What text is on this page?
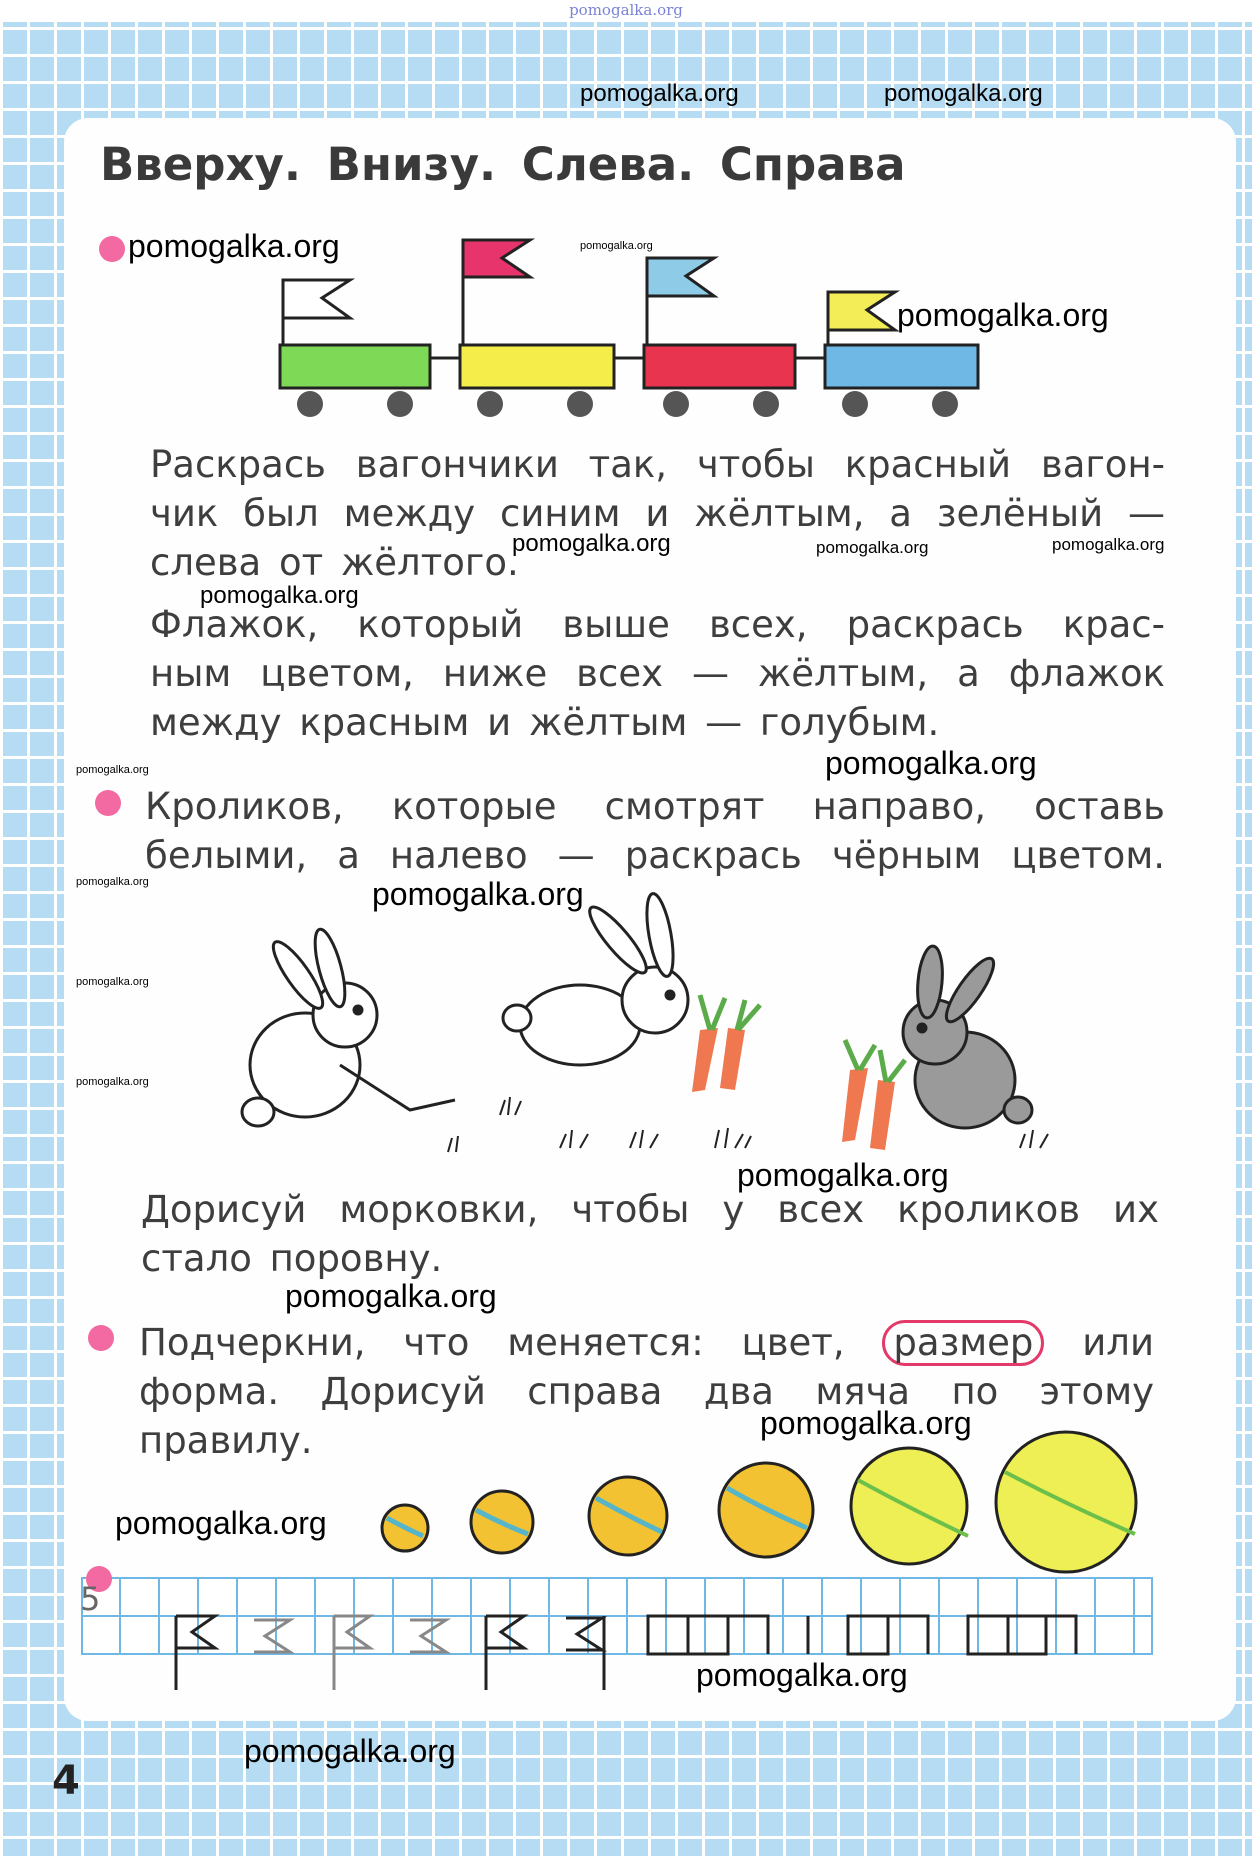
pomogalka.org
Вверху. Внизу. Слева. Справа

Раскрась вагончики так, чтобы красный вагон-
чик был между синим и жёлтым, а зелёный —
слева от жёлтого.

Флажок, который выше всех, раскрась крас-
ным цветом, ниже всех — жёлтым, а флажок
между красным и жёлтым — голубым.

Кроликов, которые смотрят направо, оставь
белыми, а налево — раскрась чёрным цветом.

Дорисуй морковки, чтобы у всех кроликов их
стало поровну.

Подчеркни, что меняется: цвет, размер или
форма. Дорисуй справа два мяча по этому
правилу.

5
4
pomogalka.org	pomogalka.org
pomogalka.org	pomogalka.org
pomogalka.org
pomogalka.org	pomogalka.org	pomogalka.org
pomogalka.org
pomogalka.org
pomogalka.org
pomogalka.org	pomogalka.org
pomogalka.org
pomogalka.org
pomogalka.org
pomogalka.org
pomogalka.org
pomogalka.org
pomogalka.org
pomogalka.org
